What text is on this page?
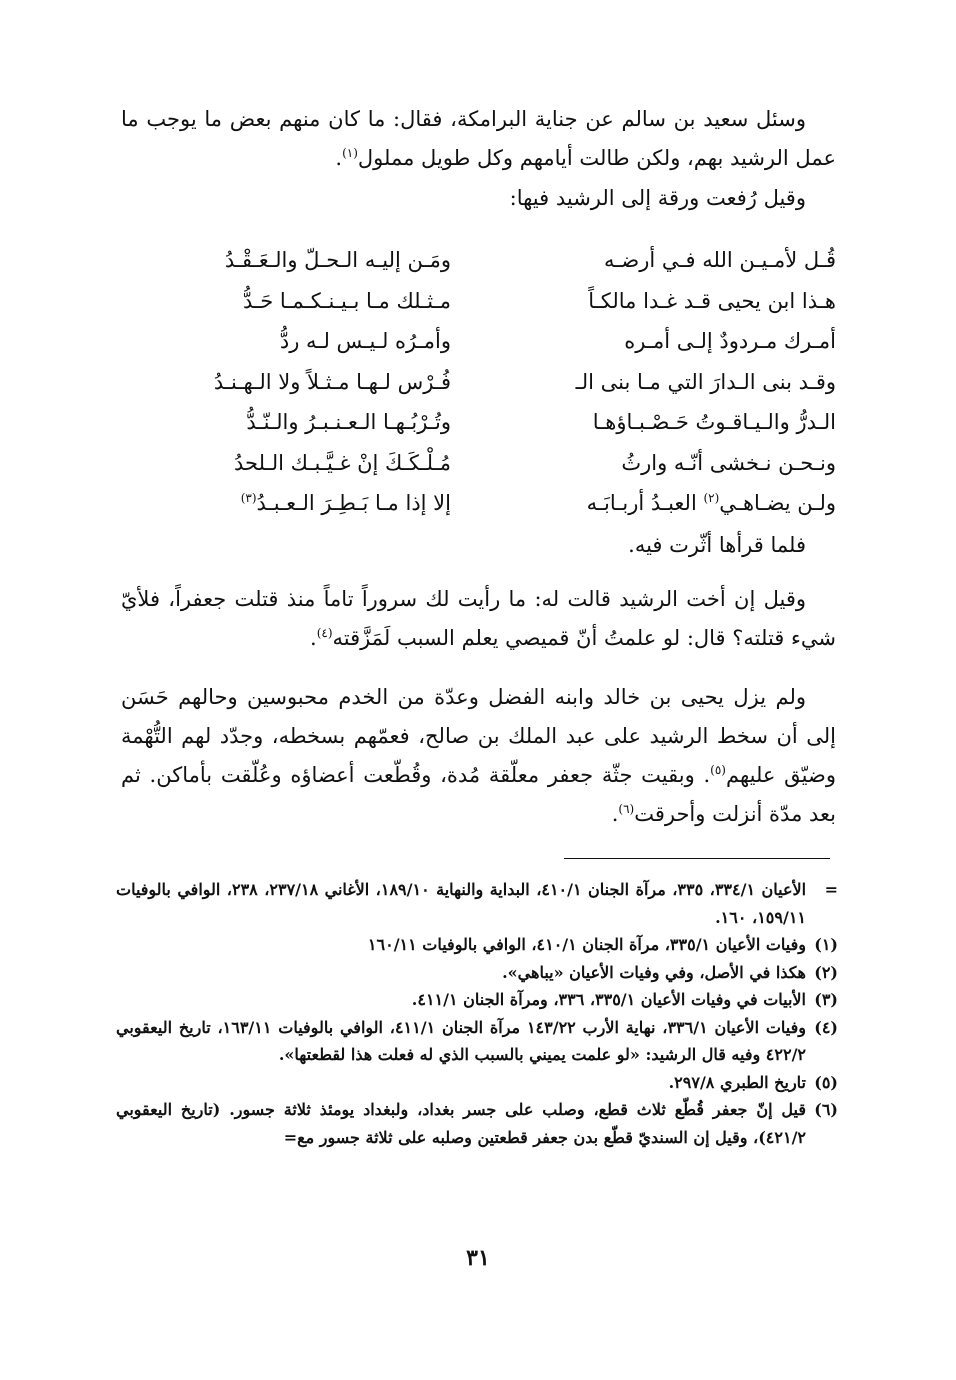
وسئل سعيد بن سالم عن جناية البرامكة، فقال: ما كان منهم بعض ما يوجب ما عمل الرشيد بهم، ولكن طالت أيامهم وكل طويل مملول$^{(١)}$.

وقيل رُفعت ورقة إلى الرشيد فيها:

قُـل لأمـيـن الله فـي أرضـه
ومَـن إليـه الـحـلّ والـعَـقْـدُ
هـذا ابن يحيى قـد غـدا مالكـاً
مـثـلك مـا بـيـنـكـمـا حَـدُّ
أمـرك مـردودٌ إلـى أمـره
وأمـرُه لـيـس لـه ردُّ
وقـد بنى الـدارَ التي مـا بنى الـ
فُـرْس لـهـا مـثـلاً ولا الـهـنـدُ
الـدرُّ والـيـاقـوتُ حَـصْـبـاؤهـا
وتُـرْبُـهـا الـعـنـبـرُ والـنّـدُّ
ونـحـن نـخشى أنّـه وارثُ
مُـلْـكَـكَ إنْ غـيَّـبـك الـلحدُ
ولـن يضـاهـي$^{(٢)}$ العبـدُ أربـابَـه
إلا إذا مـا بَـطِـرَ الـعـبـدُ$^{(٣)}$
فلما قرأها أثّرت فيه.

وقيل إن أخت الرشيد قالت له: ما رأيت لك سروراً تاماً منذ قتلت جعفراً، فلأيّ شيء قتلته؟ قال: لو علمتُ أنّ قميصي يعلم السبب لَمَزَّقته$^{(٤)}$.

ولم يزل يحيى بن خالد وابنه الفضل وعدّة من الخدم محبوسين وحالهم حَسَن إلى أن سخط الرشيد على عبد الملك بن صالح، فعمّهم بسخطه، وجدّد لهم التُّهْمة وضيّق عليهم$^{(٥)}$. وبقيت جثّة جعفر معلّقة مُدة، وقُطّعت أعضاؤه وعُلّقت بأماكن. ثم بعد مدّة أنزلت وأحرقت$^{(٦)}$.

=
الأعيان ٣٣٤/١، ٣٣٥، مرآة الجنان ٤١٠/١، البداية والنهاية ١٨٩/١٠، الأغاني ٢٣٧/١٨، ٢٣٨، الوافي بالوفيات ١٥٩/١١، ١٦٠.
(١)
وفيات الأعيان ٣٣٥/١، مرآة الجنان ٤١٠/١، الوافي بالوفيات ١٦٠/١١
(٢)
هكذا في الأصل، وفي وفيات الأعيان «يباهي».
(٣)
الأبيات في وفيات الأعيان ٣٣٥/١، ٣٣٦، ومرآة الجنان ٤١١/١.
(٤)
وفيات الأعيان ٣٣٦/١، نهاية الأرب ١٤٣/٢٢ مرآة الجنان ٤١١/١، الوافي بالوفيات ١٦٣/١١، تاريخ اليعقوبي ٤٢٢/٢ وفيه قال الرشيد: «لو علمت يميني بالسبب الذي له فعلت هذا لقطعتها».
(٥)
تاريخ الطبري ٢٩٧/٨.
(٦)
قيل إنّ جعفر قُطّع ثلاث قطع، وصلب على جسر بغداد، ولبغداد يومئذ ثلاثة جسور. (تاريخ اليعقوبي ٤٢١/٢)، وقيل إن السنديّ قطّع بدن جعفر قطعتين وصلبه على ثلاثة جسور مع=
٣١
